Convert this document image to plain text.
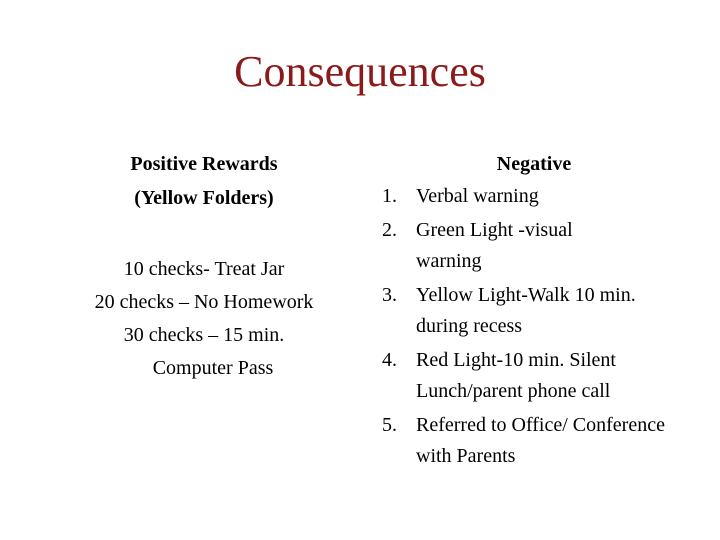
Consequences
Positive Rewards
(Yellow Folders)
10 checks- Treat Jar
20 checks – No Homework
30 checks – 15 min.
Computer Pass
Negative
1. Verbal warning
2. Green Light -visual warning
3. Yellow Light-Walk 10 min. during recess
4. Red Light-10 min. Silent Lunch/parent phone call
5. Referred to Office/ Conference with Parents
